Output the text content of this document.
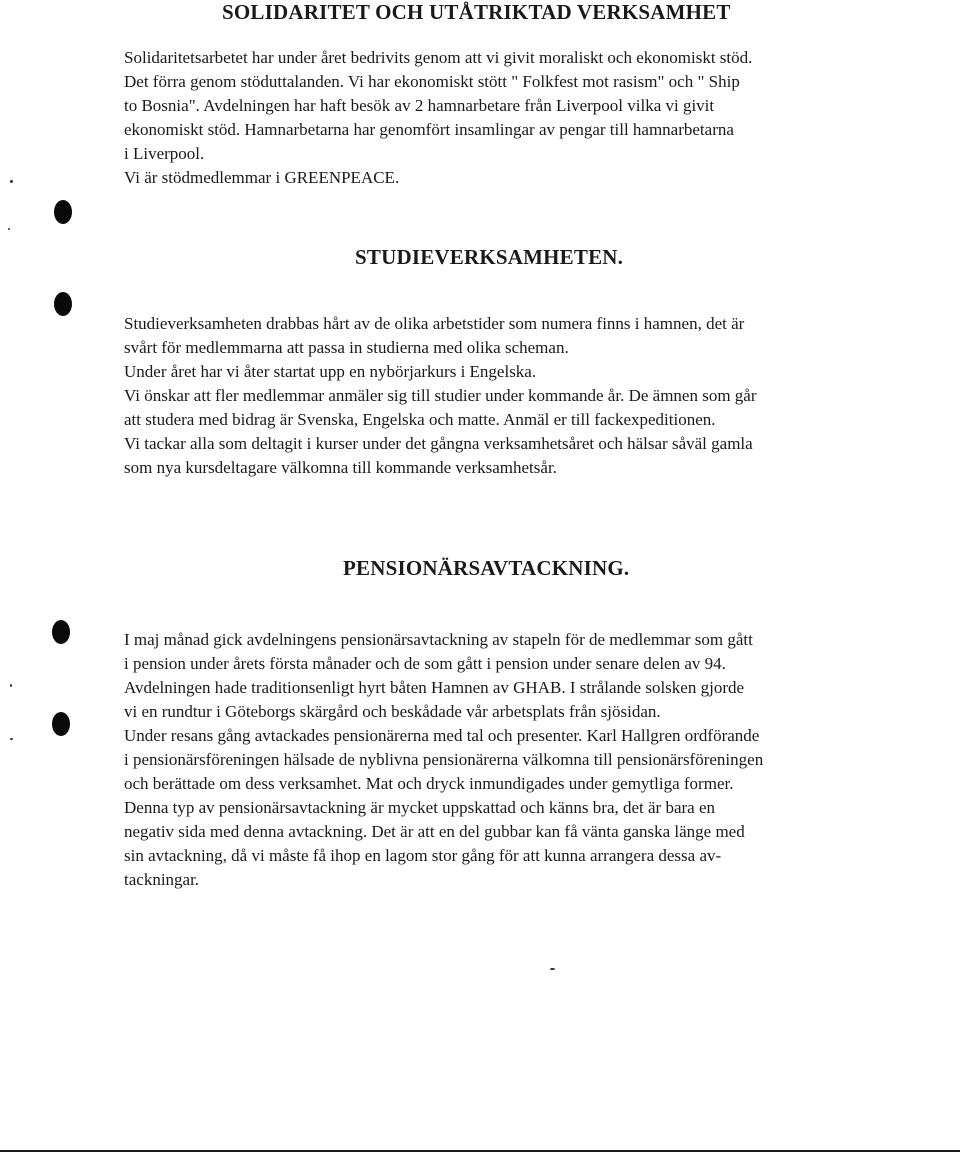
SOLIDARITET OCH UTÅTRIKTAD VERKSAMHET
Solidaritetsarbetet har under året bedrivits genom att vi givit moraliskt och ekonomiskt stöd.
Det förra genom stöduttalanden. Vi har ekonomiskt stött " Folkfest mot rasism" och " Ship
to Bosnia". Avdelningen har haft besök av 2 hamnarbetare från Liverpool vilka vi givit
ekonomiskt stöd. Hamnarbetarna har genomfört insamlingar av pengar till hamnarbetarna
i Liverpool.
Vi är stödmedlemmar i GREENPEACE.
STUDIEVERKSAMHETEN.
Studieverksamheten drabbas hårt av de olika arbetstider som numera finns i hamnen, det är
svårt för medlemmarna att passa in studierna med olika scheman.
Under året har vi åter startat upp en nybörjarkurs i Engelska.
Vi önskar att fler medlemmar anmäler sig till studier under kommande år. De ämnen som går
att studera med bidrag är Svenska, Engelska och matte. Anmäl er till fackexpeditionen.
Vi tackar alla som deltagit i kurser under det gångna verksamhetsåret och hälsar såväl gamla
som nya kursdeltagare välkomna till kommande verksamhetsår.
PENSIONÄRSAVTACKNING.
I maj månad gick avdelningens pensionärsavtackning av stapeln för de medlemmar som gått
i pension under årets första månader och de som gått i pension under senare delen av 94.
Avdelningen hade traditionsenligt hyrt båten Hamnen av GHAB. I strålande solsken gjorde
vi en rundtur i Göteborgs skärgård och beskådade vår arbetsplats från sjösidan.
Under resans gång avtackades pensionärerna med tal och presenter. Karl Hallgren ordförande
i pensionärsföreningen hälsade de nyblivna pensionärerna välkomna till pensionärsföreningen
och berättade om dess verksamhet. Mat och dryck inmundigades under gemytliga former.
Denna typ av pensionärsavtackning är mycket uppskattad och känns bra, det är bara en
negativ sida med denna avtackning. Det är att en del gubbar kan få vänta ganska länge med
sin avtackning, då vi måste få ihop en lagom stor gång för att kunna arrangera dessa av-
tackningar.
